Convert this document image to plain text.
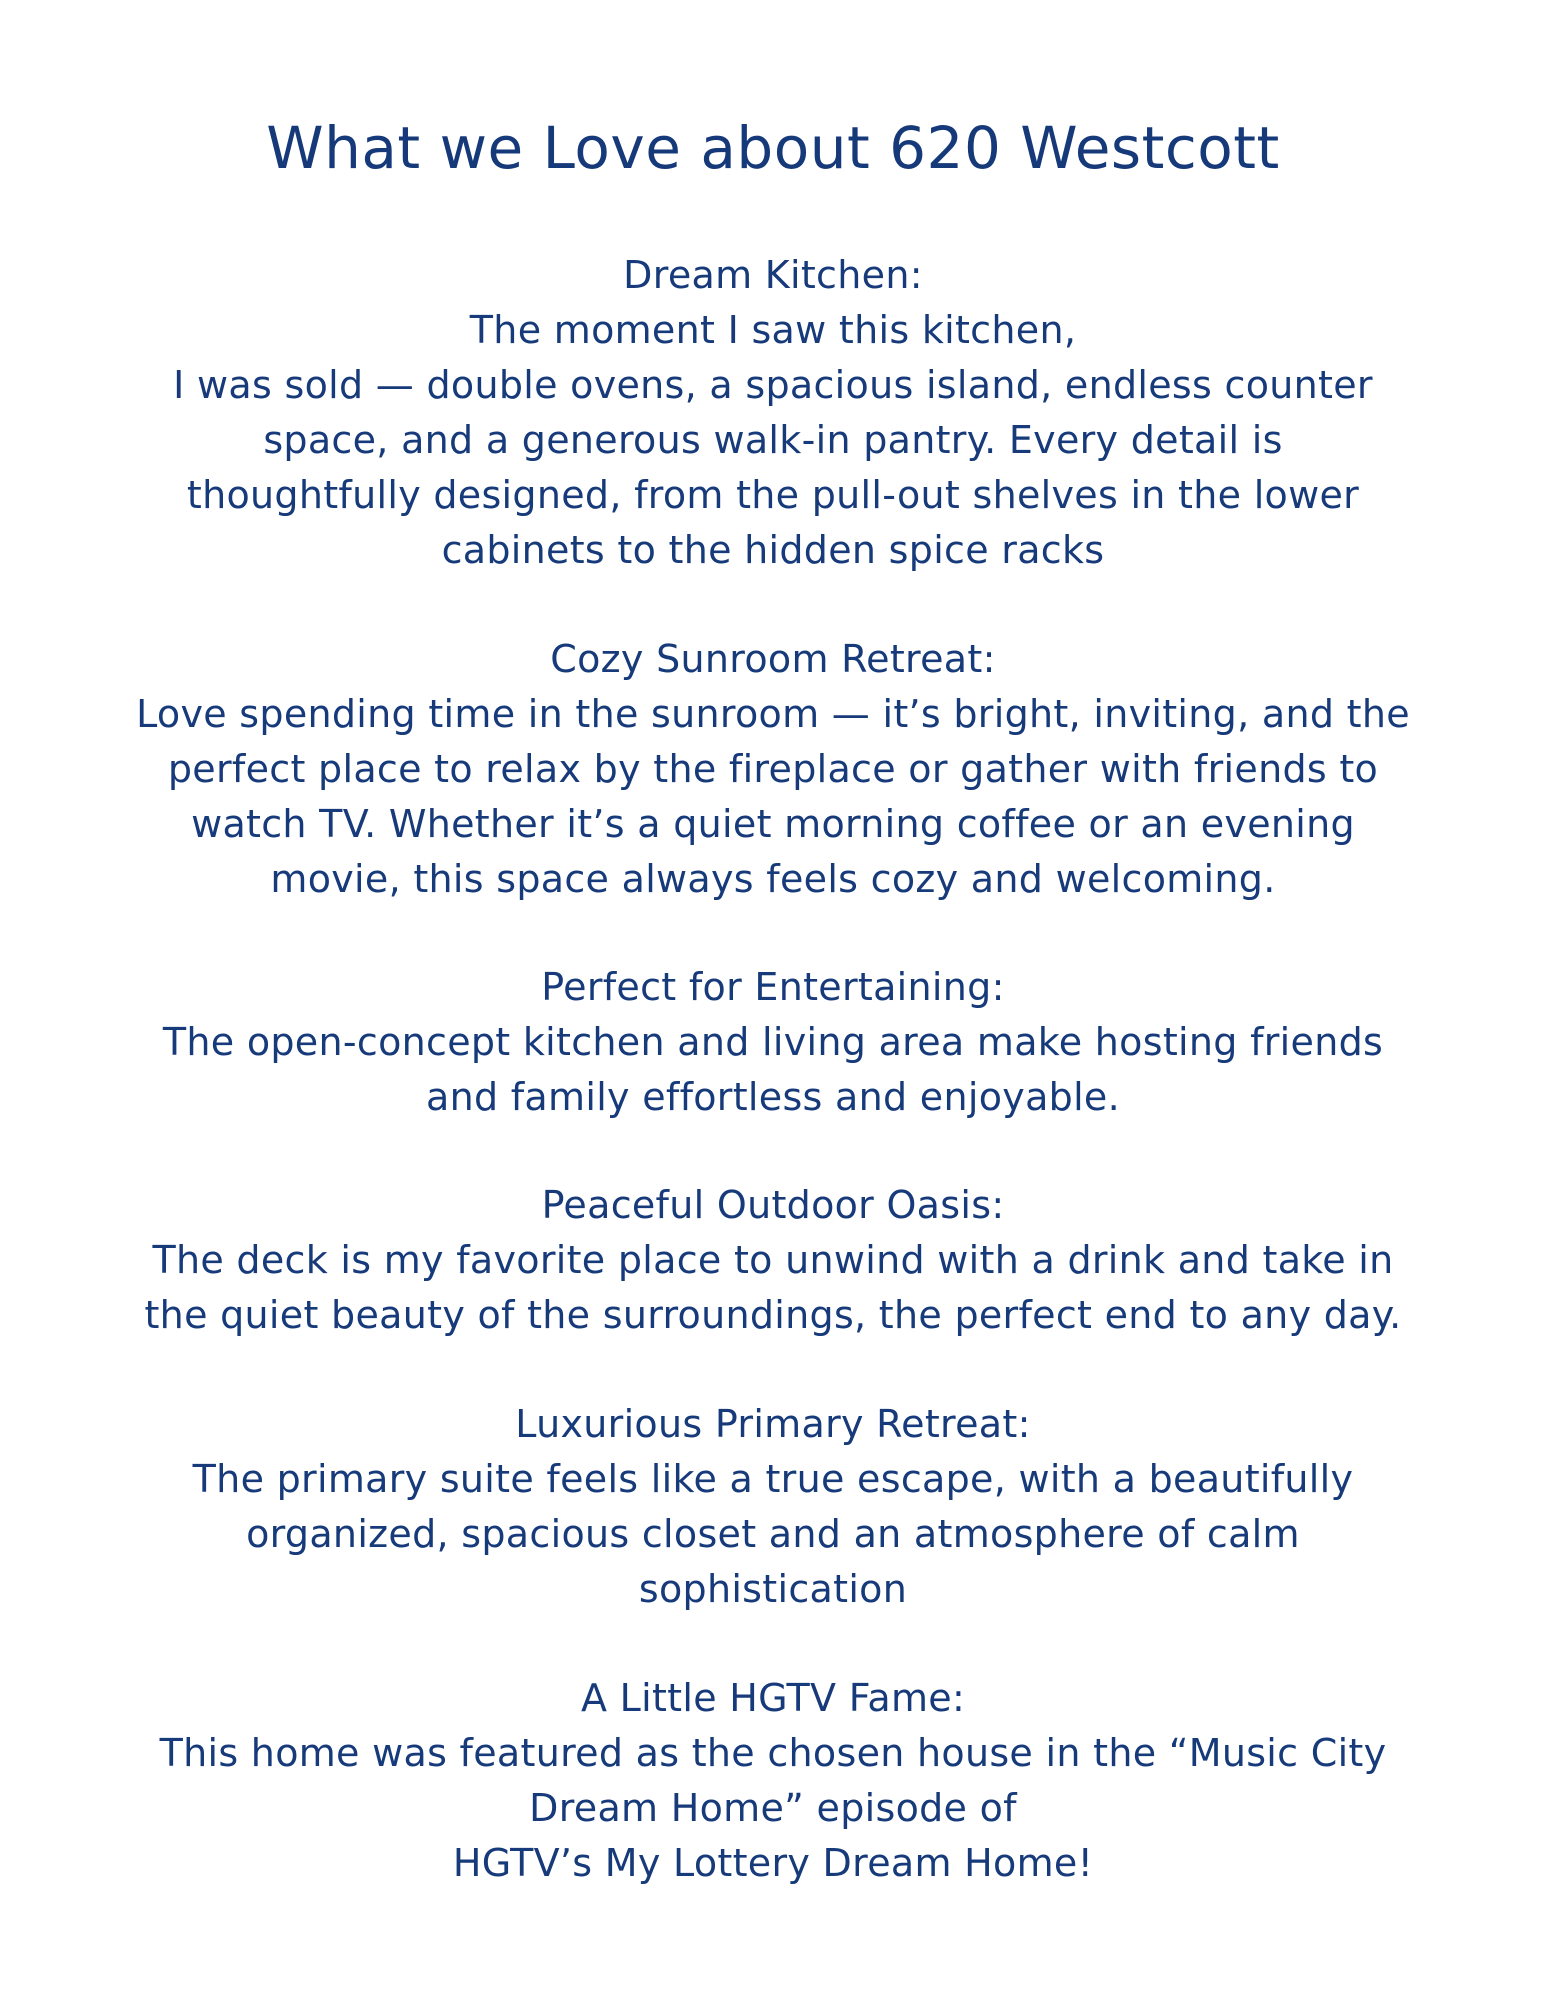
What we Love about 620 Westcott
Dream Kitchen:
The moment I saw this kitchen,
I was sold — double ovens, a spacious island, endless counter
space, and a generous walk-in pantry. Every detail is
thoughtfully designed, from the pull-out shelves in the lower
cabinets to the hidden spice racks
Cozy Sunroom Retreat:
Love spending time in the sunroom — it’s bright, inviting, and the
perfect place to relax by the fireplace or gather with friends to
watch TV. Whether it’s a quiet morning coffee or an evening
movie, this space always feels cozy and welcoming.
Perfect for Entertaining:
The open-concept kitchen and living area make hosting friends
and family effortless and enjoyable.
Peaceful Outdoor Oasis:
The deck is my favorite place to unwind with a drink and take in
the quiet beauty of the surroundings, the perfect end to any day.
Luxurious Primary Retreat:
The primary suite feels like a true escape, with a beautifully
organized, spacious closet and an atmosphere of calm
sophistication
A Little HGTV Fame:
This home was featured as the chosen house in the “Music City
Dream Home” episode of
HGTV’s My Lottery Dream Home!
